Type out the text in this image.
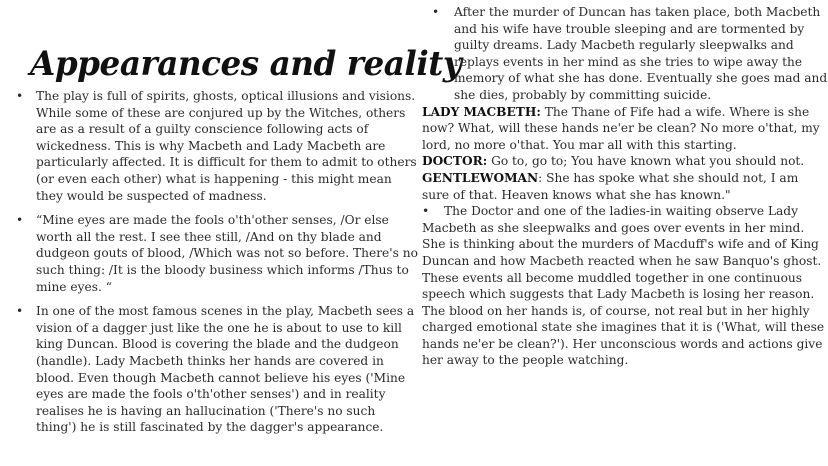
Appearances and reality
• The play is full of spirits, ghosts, optical illusions and visions. While some of these are conjured up by the Witches, others are as a result of a guilty conscience following acts of wickedness. This is why Macbeth and Lady Macbeth are particularly affected. It is difficult for them to admit to others (or even each other) what is happening - this might mean they would be suspected of madness.
• “Mine eyes are made the fools o'th'other senses, /Or else worth all the rest. I see thee still, /And on thy blade and dudgeon gouts of blood, /Which was not so before. There's no such thing: /It is the bloody business which informs /Thus to mine eyes. “
• In one of the most famous scenes in the play, Macbeth sees a vision of a dagger just like the one he is about to use to kill king Duncan. Blood is covering the blade and the dudgeon (handle). Lady Macbeth thinks her hands are covered in blood. Even though Macbeth cannot believe his eyes ('Mine eyes are made the fools o'th'other senses') and in reality realises he is having an hallucination ('There's no such thing') he is still fascinated by the dagger's appearance.
• After the murder of Duncan has taken place, both Macbeth and his wife have trouble sleeping and are tormented by guilty dreams. Lady Macbeth regularly sleepwalks and replays events in her mind as she tries to wipe away the memory of what she has done. Eventually she goes mad and she dies, probably by committing suicide.
LADY MACBETH: The Thane of Fife had a wife. Where is she now? What, will these hands ne'er be clean? No more o'that, my lord, no more o'that. You mar all with this starting.
DOCTOR: Go to, go to; You have known what you should not.
GENTLEWOMAN: She has spoke what she should not, I am sure of that. Heaven knows what she has known."
• The Doctor and one of the ladies-in waiting observe Lady Macbeth as she sleepwalks and goes over events in her mind. She is thinking about the murders of Macduff's wife and of King Duncan and how Macbeth reacted when he saw Banquo's ghost. These events all become muddled together in one continuous speech which suggests that Lady Macbeth is losing her reason. The blood on her hands is, of course, not real but in her highly charged emotional state she imagines that it is ('What, will these hands ne'er be clean?'). Her unconscious words and actions give her away to the people watching.
